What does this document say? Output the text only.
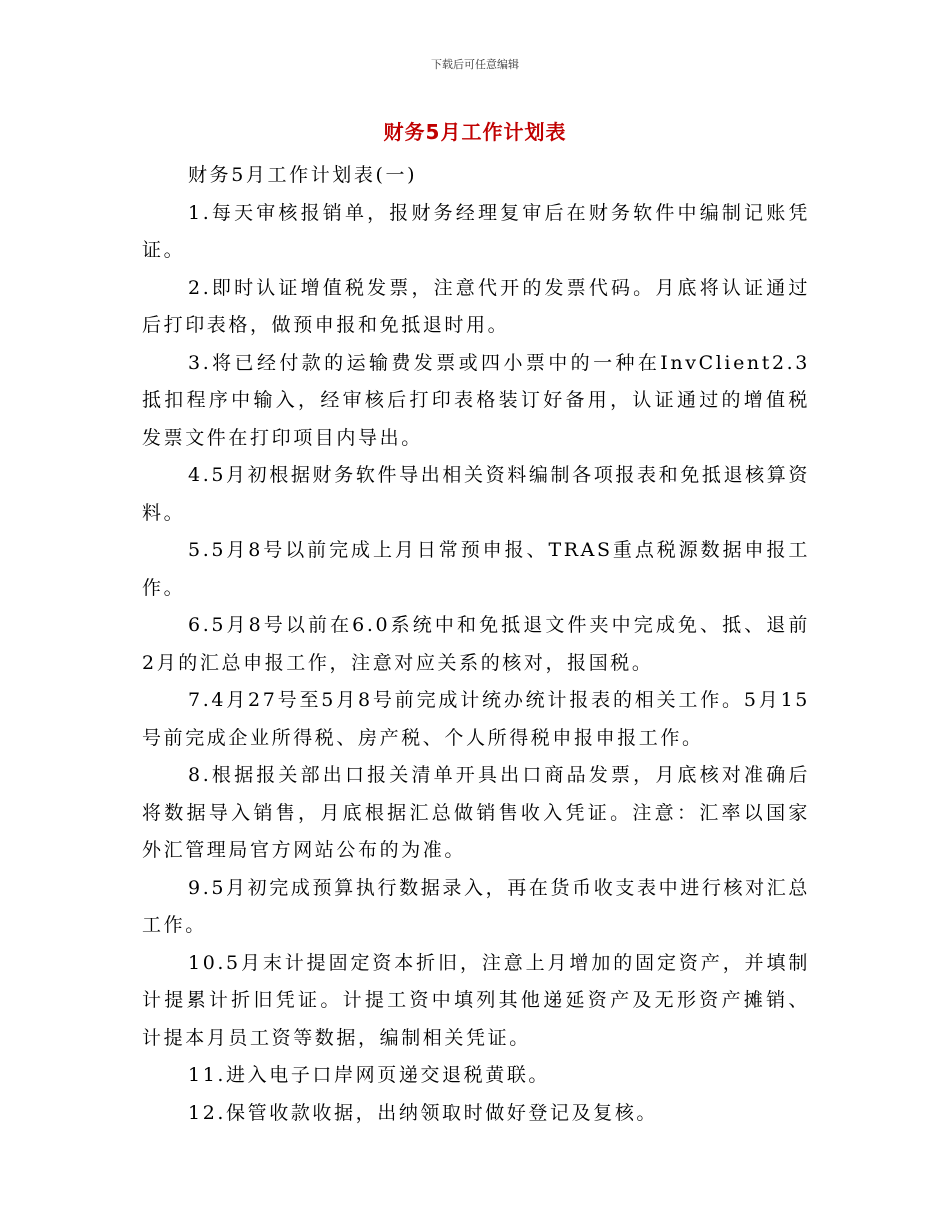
下载后可任意编辑
财务5月工作计划表

财务5月工作计划表(一)

1.每天审核报销单，报财务经理复审后在财务软件中编制记账凭证。

2.即时认证增值税发票，注意代开的发票代码。月底将认证通过后打印表格，做预申报和免抵退时用。

3.将已经付款的运输费发票或四小票中的一种在InvClient2.3抵扣程序中输入，经审核后打印表格装订好备用，认证通过的增值税发票文件在打印项目内导出。

4.5月初根据财务软件导出相关资料编制各项报表和免抵退核算资料。

5.5月8号以前完成上月日常预申报、TRAS重点税源数据申报工作。

6.5月8号以前在6.0系统中和免抵退文件夹中完成免、抵、退前2月的汇总申报工作，注意对应关系的核对，报国税。

7.4月27号至5月8号前完成计统办统计报表的相关工作。5月15号前完成企业所得税、房产税、个人所得税申报申报工作。

8.根据报关部出口报关清单开具出口商品发票，月底核对准确后将数据导入销售，月底根据汇总做销售收入凭证。注意：汇率以国家外汇管理局官方网站公布的为准。

9.5月初完成预算执行数据录入，再在货币收支表中进行核对汇总工作。

10.5月末计提固定资本折旧，注意上月增加的固定资产，并填制计提累计折旧凭证。计提工资中填列其他递延资产及无形资产摊销、计提本月员工资等数据，编制相关凭证。

11.进入电子口岸网页递交退税黄联。

12.保管收款收据，出纳领取时做好登记及复核。
